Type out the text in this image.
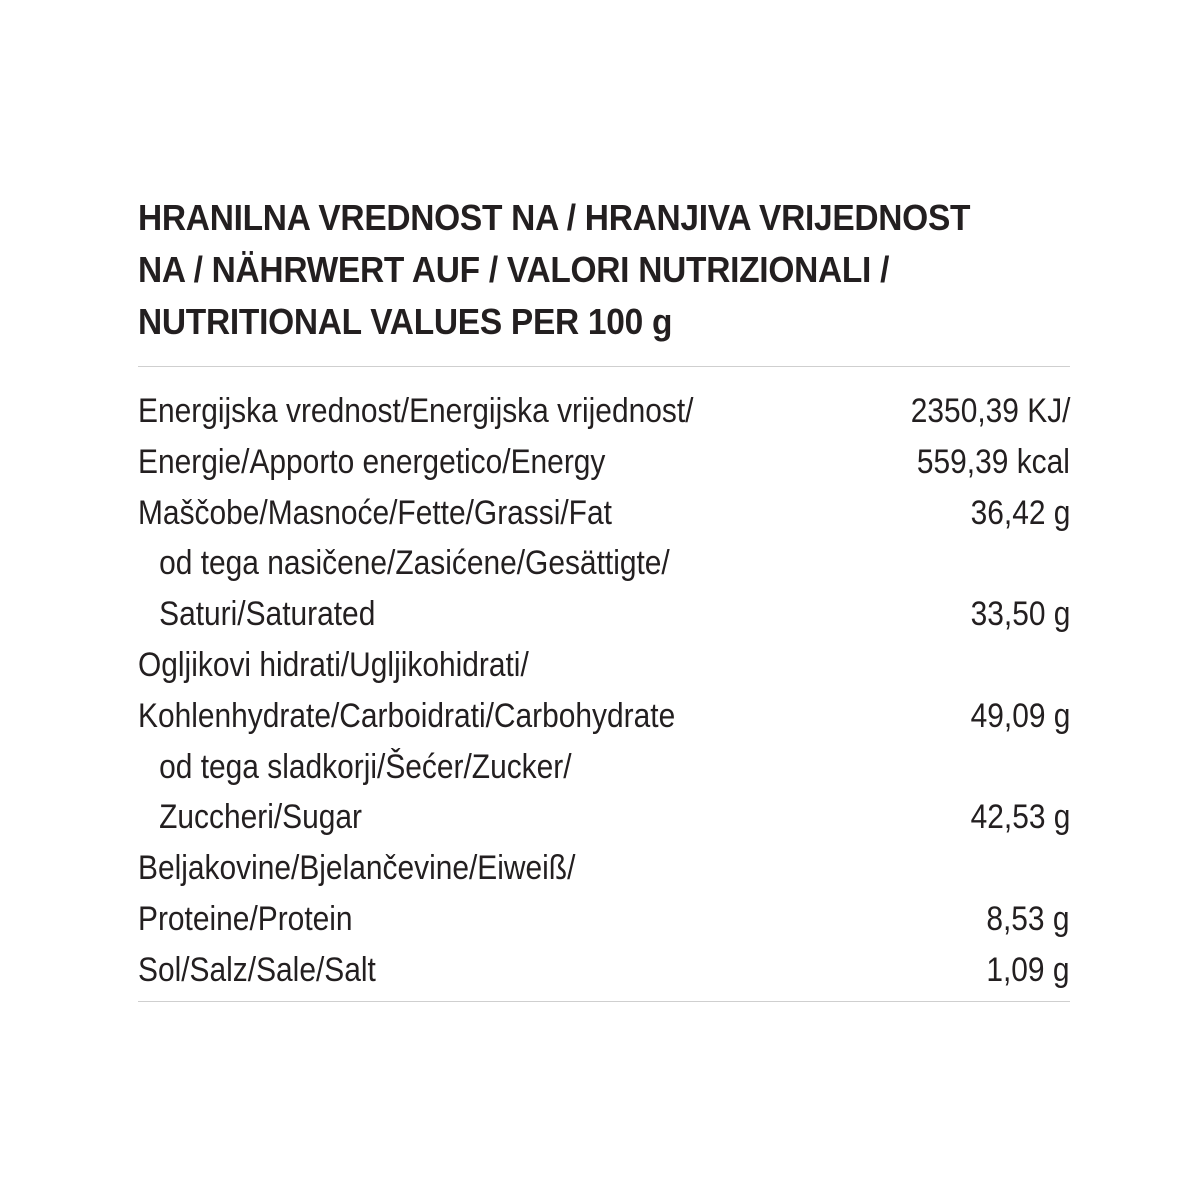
HRANILNA VREDNOST NA / HRANJIVA VRIJEDNOST
NA / NÄHRWERT AUF / VALORI NUTRIZIONALI /
NUTRITIONAL VALUES PER 100 g
Energijska vrednost/Energijska vrijednost/	2350,39 KJ/
Energie/Apporto energetico/Energy	559,39 kcal
Maščobe/Masnoće/Fette/Grassi/Fat	36,42 g
od tega nasičene/Zasićene/Gesättigte/
Saturi/Saturated	33,50 g
Ogljikovi hidrati/Ugljikohidrati/
Kohlenhydrate/Carboidrati/Carbohydrate	49,09 g
od tega sladkorji/Šećer/Zucker/
Zuccheri/Sugar	42,53 g
Beljakovine/Bjelančevine/Eiweiß/
Proteine/Protein	8,53 g
Sol/Salz/Sale/Salt	1,09 g
